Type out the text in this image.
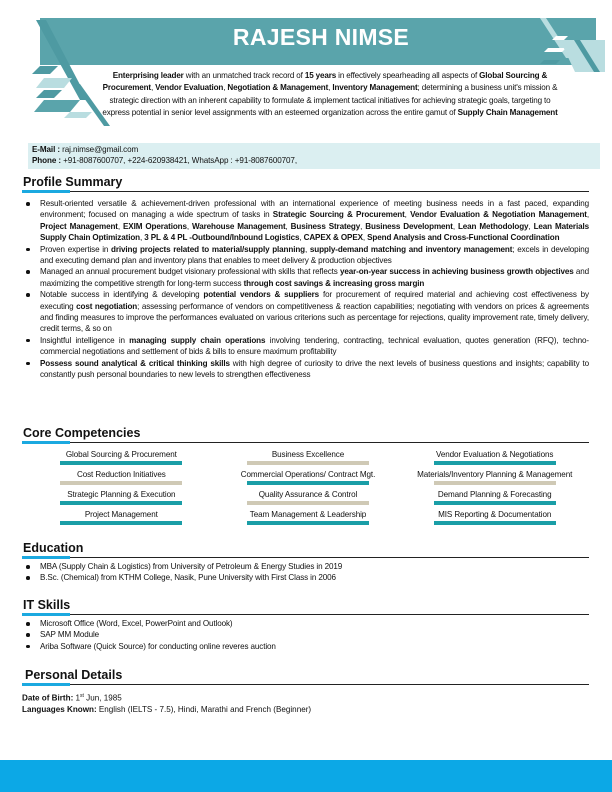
RAJESH NIMSE
Enterprising leader with an unmatched track record of 15 years in effectively spearheading all aspects of Global Sourcing & Procurement, Vendor Evaluation, Negotiation & Management, Inventory Management; determining a business unit's mission & strategic direction with an inherent capability to formulate & implement tactical initiatives for achieving strategic goals, targeting to express potential in senior level assignments with an esteemed organization across the entire gamut of Supply Chain Management
E-Mail : raj.nimse@gmail.com
Phone : +91-8087600707, +224-620938421, WhatsApp : +91-8087600707,
Profile Summary
Result-oriented versatile & achievement-driven professional with an international experience of meeting business needs in a fast paced, expanding environment; focused on managing a wide spectrum of tasks in Strategic Sourcing & Procurement, Vendor Evaluation & Negotiation Management, Project Management, EXIM Operations, Warehouse Management, Business Strategy, Business Development, Lean Methodology, Lean Materials Supply Chain Optimization, 3 PL & 4 PL -Outbound/Inbound Logistics, CAPEX & OPEX, Spend Analysis and Cross-Functional Coordination
Proven expertise in driving projects related to material/supply planning, supply-demand matching and inventory management; excels in developing and executing demand plan and inventory plans that enables to meet delivery & production objectives
Managed an annual procurement budget visionary professional with skills that reflects year-on-year success in achieving business growth objectives and maximizing the competitive strength for long-term success through cost savings & increasing gross margin
Notable success in identifying & developing potential vendors & suppliers for procurement of required material and achieving cost effectiveness by executing cost negotiation; assessing performance of vendors on competitiveness & reaction capabilities; negotiating with vendors on prices & agreements and finding measures to improve the performances evaluated on various criterions such as percentage for rejections, quality improvement rate, timely delivery, credit terms, & so on
Insightful intelligence in managing supply chain operations involving tendering, contracting, technical evaluation, quotes generation (RFQ), techno-commercial negotiations and settlement of bids & bills to ensure maximum profitability
Possess sound analytical & critical thinking skills with high degree of curiosity to drive the next levels of business questions and insights; capability to constantly push personal boundaries to new levels to strengthen effectiveness
Core Competencies
Global Sourcing & Procurement	Business Excellence	Vendor Evaluation & Negotiations
Cost Reduction Initiatives	Commercial Operations/ Contract Mgt.	Materials/Inventory Planning & Management
Strategic Planning & Execution	Quality Assurance & Control	Demand Planning & Forecasting
Project Management	Team Management & Leadership	MIS Reporting & Documentation
Education
MBA (Supply Chain & Logistics) from University of Petroleum & Energy Studies in 2019
B.Sc. (Chemical) from KTHM College, Nasik, Pune University with First Class in 2006
IT Skills
Microsoft Office (Word, Excel, PowerPoint and Outlook)
SAP MM Module
Ariba Software (Quick Source) for conducting online reveres auction
Personal Details
Date of Birth: 1st Jun, 1985
Languages Known: English (IELTS - 7.5), Hindi, Marathi and French (Beginner)
